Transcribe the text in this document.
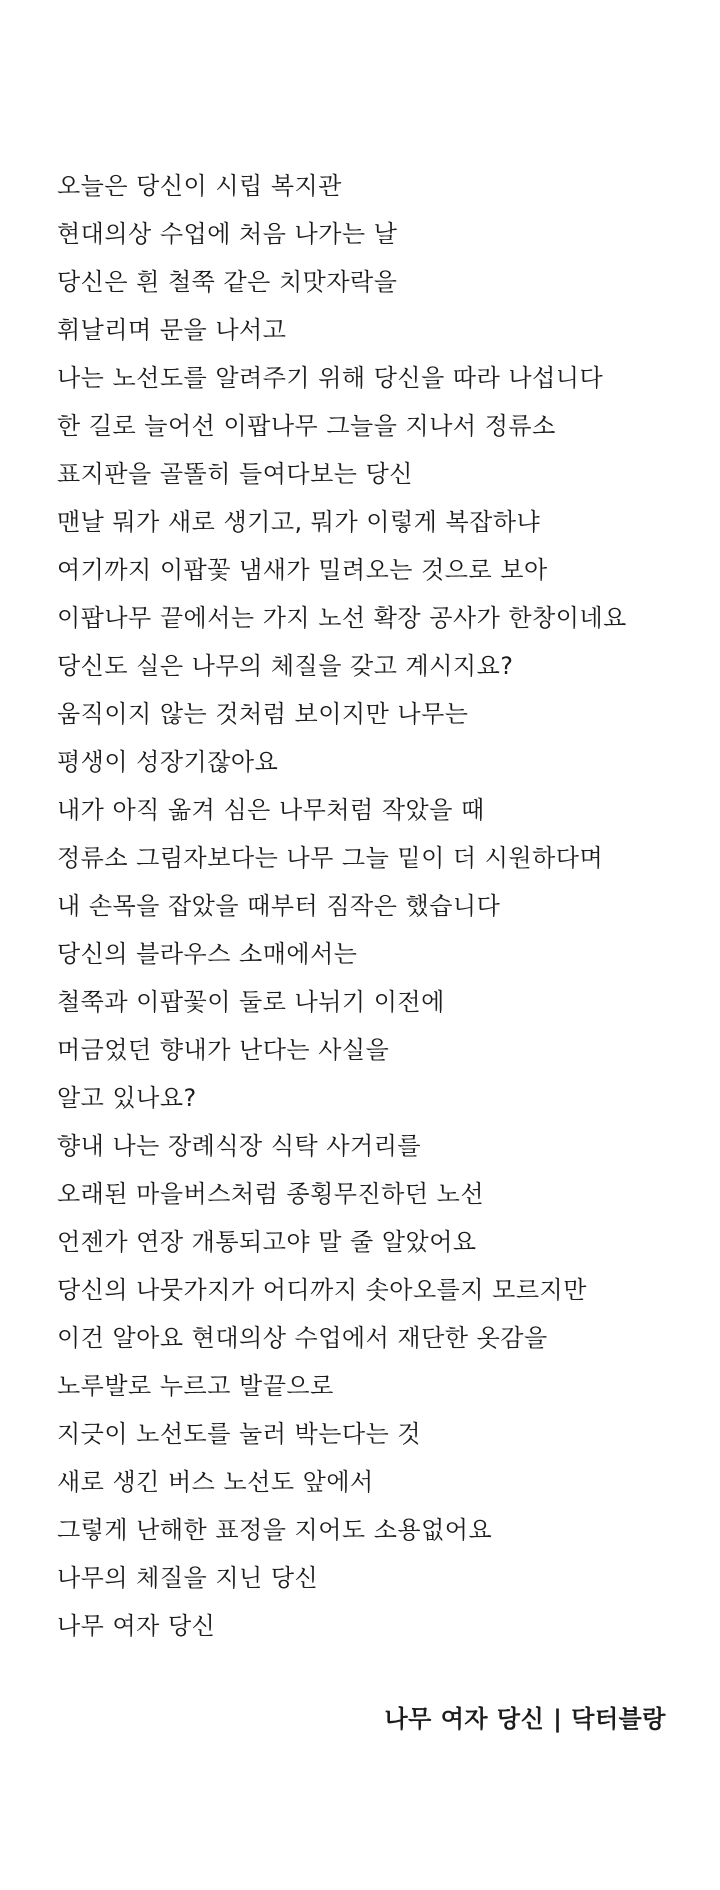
오늘은 당신이 시립 복지관
현대의상 수업에 처음 나가는 날
당신은 흰 철쭉 같은 치맛자락을
휘날리며 문을 나서고
나는 노선도를 알려주기 위해 당신을 따라 나섭니다
한 길로 늘어선 이팝나무 그늘을 지나서 정류소
표지판을 골똘히 들여다보는 당신
맨날 뭐가 새로 생기고, 뭐가 이렇게 복잡하냐
여기까지 이팝꽃 냄새가 밀려오는 것으로 보아
이팝나무 끝에서는 가지 노선 확장 공사가 한창이네요
당신도 실은 나무의 체질을 갖고 계시지요?
움직이지 않는 것처럼 보이지만 나무는
평생이 성장기잖아요
내가 아직 옮겨 심은 나무처럼 작았을 때
정류소 그림자보다는 나무 그늘 밑이 더 시원하다며
내 손목을 잡았을 때부터 짐작은 했습니다
당신의 블라우스 소매에서는
철쭉과 이팝꽃이 둘로 나뉘기 이전에
머금었던 향내가 난다는 사실을
알고 있나요?
향내 나는 장례식장 식탁 사거리를
오래된 마을버스처럼 종횡무진하던 노선
언젠가 연장 개통되고야 말 줄 알았어요
당신의 나뭇가지가 어디까지 솟아오를지 모르지만
이건 알아요 현대의상 수업에서 재단한 옷감을
노루발로 누르고 발끝으로
지긋이 노선도를 눌러 박는다는 것
새로 생긴 버스 노선도 앞에서
그렇게 난해한 표정을 지어도 소용없어요
나무의 체질을 지닌 당신
나무 여자 당신
나무 여자 당신 | 닥터블랑
